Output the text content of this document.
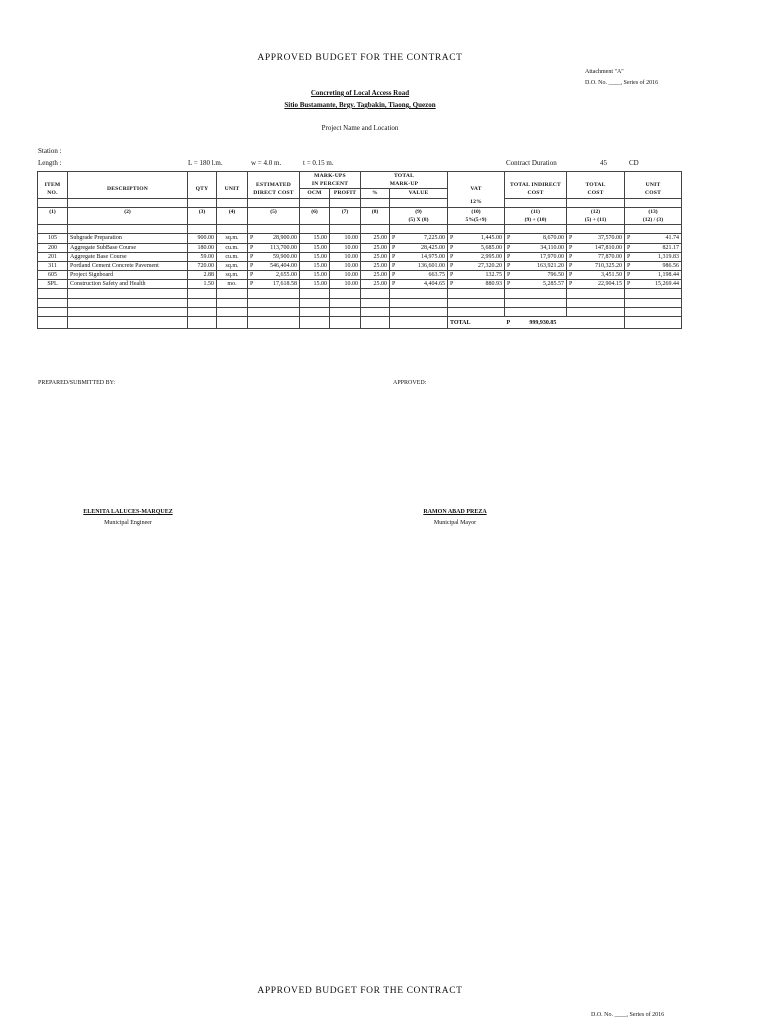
APPROVED BUDGET FOR THE CONTRACT
Attachment "A"
D.O. No. ____, Series of 2016
Concreting of Local Access Road
Sitio Bustamante, Brgy. Tagbakin, Tiaong, Quezon
Project Name and Location
Station :
Length :	L = 180 l.m.	w = 4.0 m.	t = 0.15 m.	Contract Duration	45	CD
					MARK-UPS		TOTAL					
ITEM	DESCRIPTION	QTY	UNIT	ESTIMATED	IN PERCENT		MARK-UP		VAT	TOTAL INDIRECT	TOTAL	UNIT
NO.				DIRECT COST	OCM	PROFIT	%	VALUE		COST	COST	COST
									12%			
(1)	(2)	(3)	(4)	(5)	(6)	(7)	(8)	(9)	(10)	(11)	(12)	(13)
								(5) X (8)	5%(5+9)	(9) + (10)	(5) + (11)	(12) / (3)

105	Subgrade Preparation	900.00	sq.m.	P 28,900.00	15.00	10.00	25.00	P 7,225.00	P 1,445.00	P 8,670.00	P 37,570.00	P 41.74

200	Aggregate SubBase Course	180.00	cu.m.	P 113,700.00	15.00	10.00	25.00	P 28,425.00	P 5,685.00	P 34,110.00	P 147,810.00	P 821.17

201	Aggregate Base Course	59.00	cu.m.	P 59,900.00	15.00	10.00	25.00	P 14,975.00	P 2,995.00	P 17,970.00	P 77,870.00	P 1,319.83

311	Portland Cement Concrete Pavement	720.00	sq.m.	P 546,404.00	15.00	10.00	25.00	P 136,601.00	P 27,320.20	P 163,921.20	P 710,325.20	P 986.56

605	Project Signboard	2.88	sq.m.	P 2,655.00	15.00	10.00	25.00	P 663.75	P 132.75	P 796.50	P 3,451.50	P 1,198.44

SPL	Construction Safety and Health	1.50	mo.	P 17,618.58	15.00	10.00	25.00	P 4,404.65	P 880.93	P 5,285.57	P 22,904.15	P 15,269.44

									TOTAL	P 999,930.85		
PREPARED/SUBMITTED BY:	APPROVED:
ELENITA LALUCES-MARQUEZ
Municipal Engineer
RAMON ABAD PREZA
Municipal Mayor
APPROVED BUDGET FOR THE CONTRACT
D.O. No. ____, Series of 2016
